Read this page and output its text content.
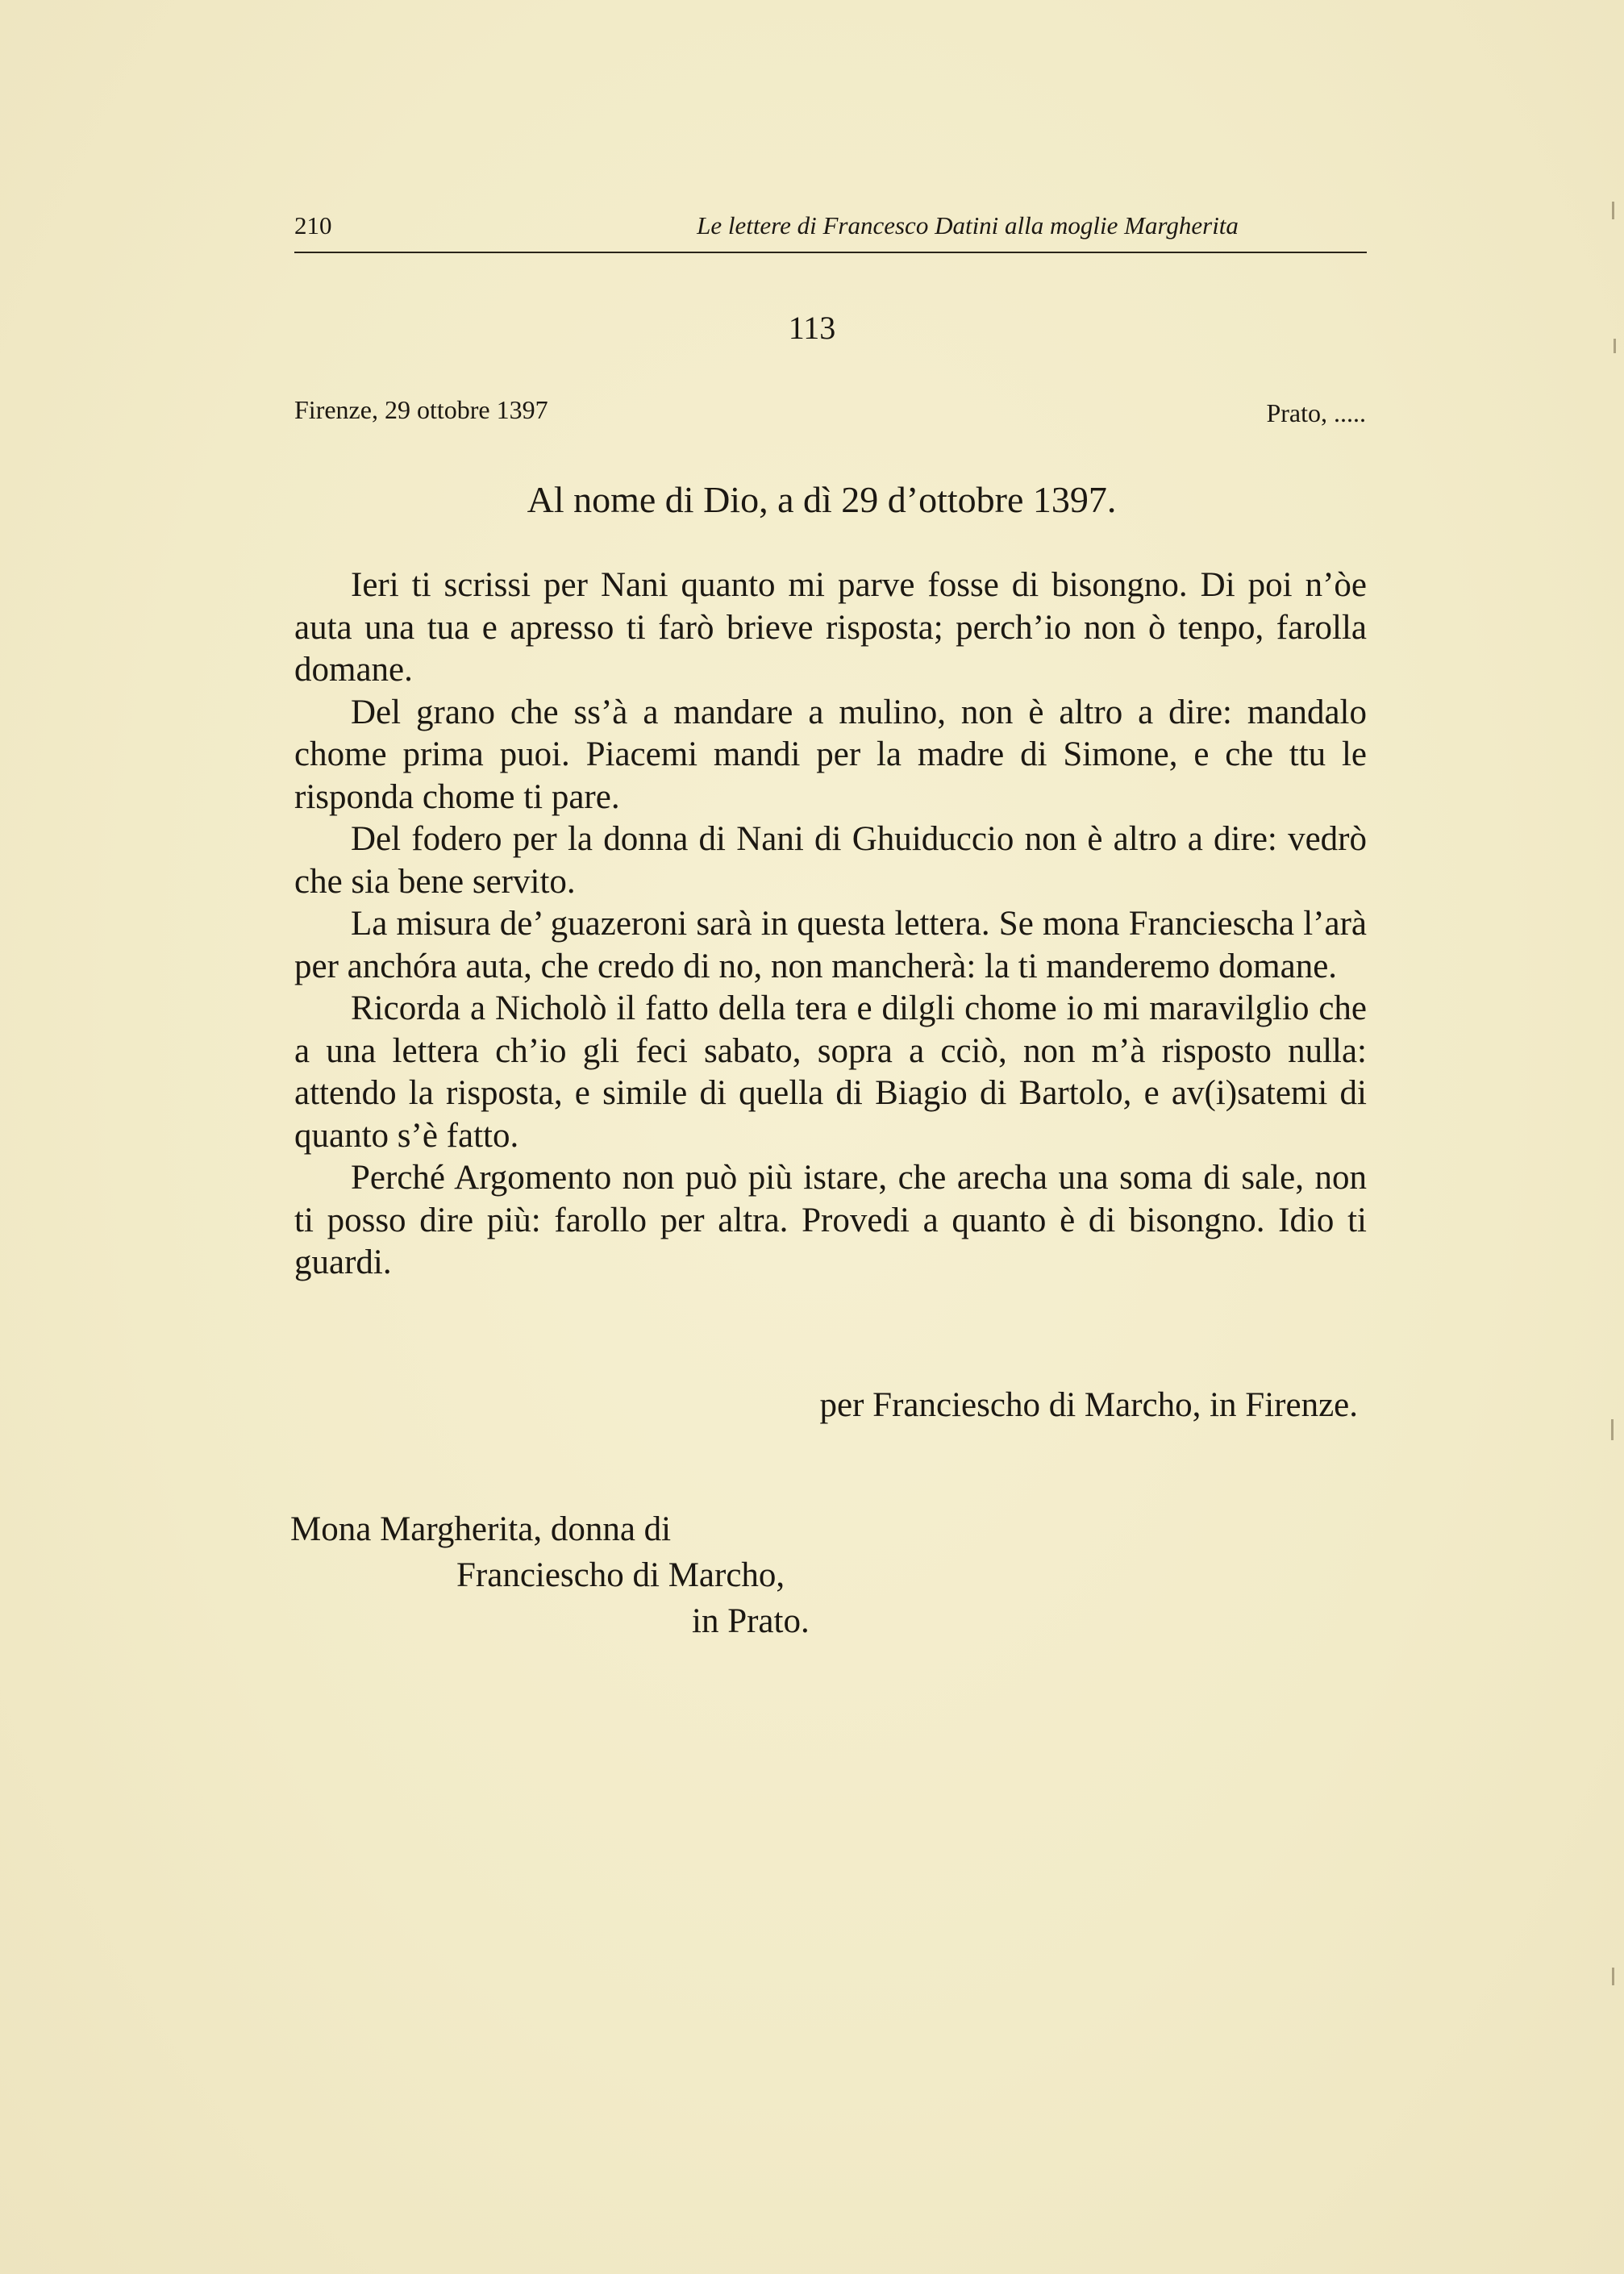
210	Le lettere di Francesco Datini alla moglie Margherita
113
Firenze, 29 ottobre 1397	Prato, .....
Al nome di Dio, a dì 29 d’ottobre 1397.

Ieri ti scrissi per Nani quanto mi parve fosse di bisongno. Di poi n’òe auta una tua e apresso ti farò brieve risposta; perch’io non ò tenpo, farolla domane.

Del grano che ss’à a mandare a mulino, non è altro a dire: mandalo chome prima puoi. Piacemi mandi per la madre di Simone, e che ttu le risponda chome ti pare.

Del fodero per la donna di Nani di Ghuiduccio non è altro a dire: vedrò che sia bene servito.

La misura de’ guazeroni sarà in questa lettera. Se mona Franciescha l’arà per anchóra auta, che credo di no, non mancherà: la ti manderemo domane.

Ricorda a Nicholò il fatto della tera e dilgli chome io mi maravilglio che a una lettera ch’io gli feci sabato, sopra a cciò, non m’à risposto nulla: attendo la risposta, e simile di quella di Biagio di Bartolo, e av(i)satemi di quanto s’è fatto.

Perché Argomento non può più istare, che arecha una soma di sale, non ti posso dire più: farollo per altra. Provedi a quanto è di bisongno. Idio ti guardi.

per Franciescho di Marcho, in Firenze.
Mona Margherita, donna di
Franciescho di Marcho,
in Prato.
